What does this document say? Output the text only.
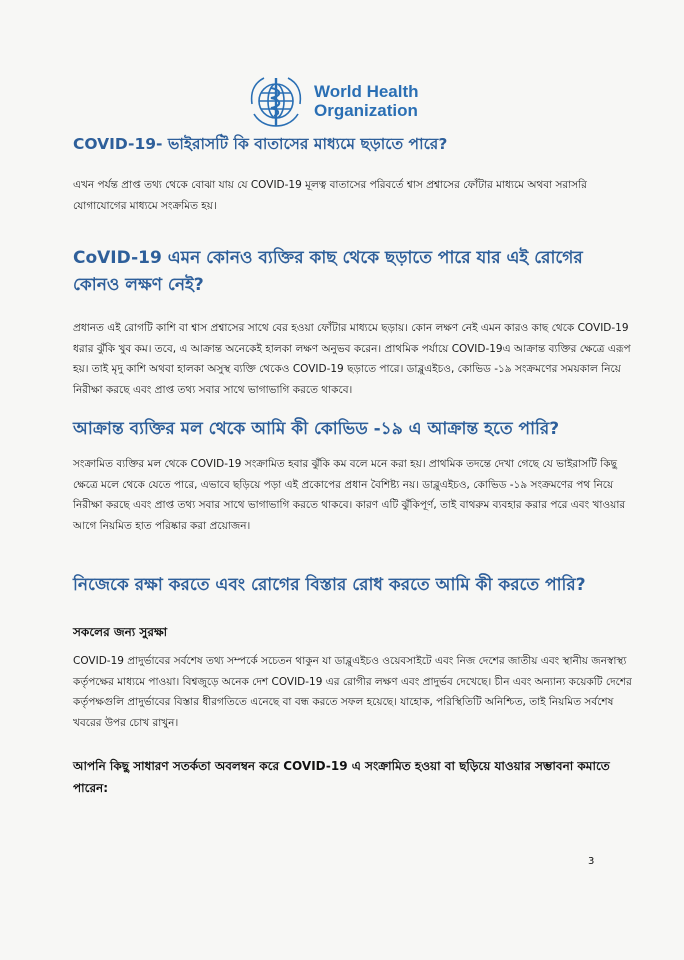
World Health
Organization
COVID-19- ভাইরাসটি কি বাতাসের মাধ্যমে ছড়াতে পারে?

এখন পর্যন্ত প্রাপ্ত তথ্য থেকে বোঝা যায় যে COVID-19 মূলত্ব বাতাসের পরিবর্তে শ্বাস প্রশ্বাসের ফোঁটার মাধ্যমে অথবা সরাসরি যোগাযোগের মাধ্যমে সংক্রমিত হয়।

CoVID-19 এমন কোনও ব্যক্তির কাছ থেকে ছড়াতে পারে যার এই রোগের কোনও লক্ষণ নেই?

প্রধানত এই রোগটি কাশি বা শ্বাস প্রশ্বাসের সাথে বের হওয়া ফোঁটার মাধ্যমে ছড়ায়। কোন লক্ষণ নেই এমন কারও কাছ থেকে COVID-19 ধরার ঝুঁকি খুব কম। তবে, এ আক্রান্ত অনেকেই হালকা লক্ষণ অনুভব করেন। প্রাথমিক পর্যায়ে COVID-19এ আক্রান্ত ব্যক্তির ক্ষেত্রে এরূপ হয়। তাই মৃদু কাশি অথবা হালকা অসুস্থ ব্যক্তি থেকেও COVID-19 ছড়াতে পারে। ডাব্লুএইচও, কোভিড -১৯ সংক্রমণের সময়কাল নিয়ে নিরীক্ষা করছে এবং প্রাপ্ত তথ্য সবার সাথে ভাগাভাগি করতে থাকবে।

আক্রান্ত ব্যক্তির মল থেকে আমি কী কোভিড -১৯ এ আক্রান্ত হতে পারি?

সংক্রামিত ব্যক্তির মল থেকে COVID-19 সংক্রামিত হবার ঝুঁকি কম বলে মনে করা হয়। প্রাথমিক তদন্তে দেখা গেছে যে ভাইরাসটি কিছু ক্ষেত্রে মলে থেকে যেতে পারে, এভাবে ছড়িয়ে পড়া এই প্রকোপের প্রধান বৈশিষ্ট্য নয়। ডাব্লুএইচও, কোভিড -১৯ সংক্রমণের পথ নিয়ে নিরীক্ষা করছে এবং প্রাপ্ত তথ্য সবার সাথে ভাগাভাগি করতে থাকবে। কারণ এটি ঝুঁকিপূর্ণ, তাই বাথরুম ব্যবহার করার পরে এবং খাওয়ার আগে নিয়মিত হাত পরিষ্কার করা প্রয়োজন।

নিজেকে রক্ষা করতে এবং রোগের বিস্তার রোধ করতে আমি কী করতে পারি?
সকলের জন্য সুরক্ষা

COVID-19 প্রাদুর্ভাবের সর্বশেষ তথ্য সম্পর্কে সচেতন থাকুন যা ডাব্লুএইচও ওয়েবসাইটে এবং নিজ দেশের জাতীয় এবং স্থানীয় জনস্বাস্থ্য কর্তৃপক্ষের মাধ্যমে পাওয়া। বিশ্বজুড়ে অনেক দেশ COVID-19 এর রোগীর লক্ষণ এবং প্রাদুর্ভব দেখেছে। চীন এবং অন্যান্য কয়েকটি দেশের কর্তৃপক্ষগুলি প্রাদুর্ভাবের বিস্তার ধীরগতিতে এনেছে বা বন্ধ করতে সফল হয়েছে। যাহোক, পরিস্থিতিটি অনিশ্চিত, তাই নিয়মিত সর্বশেষ খবরের উপর চোখ রাখুন।

আপনি কিছু সাধারণ সতর্কতা অবলম্বন করে COVID-19 এ সংক্রামিত হওয়া বা ছড়িয়ে যাওয়ার সম্ভাবনা কমাতে পারেন:

3
